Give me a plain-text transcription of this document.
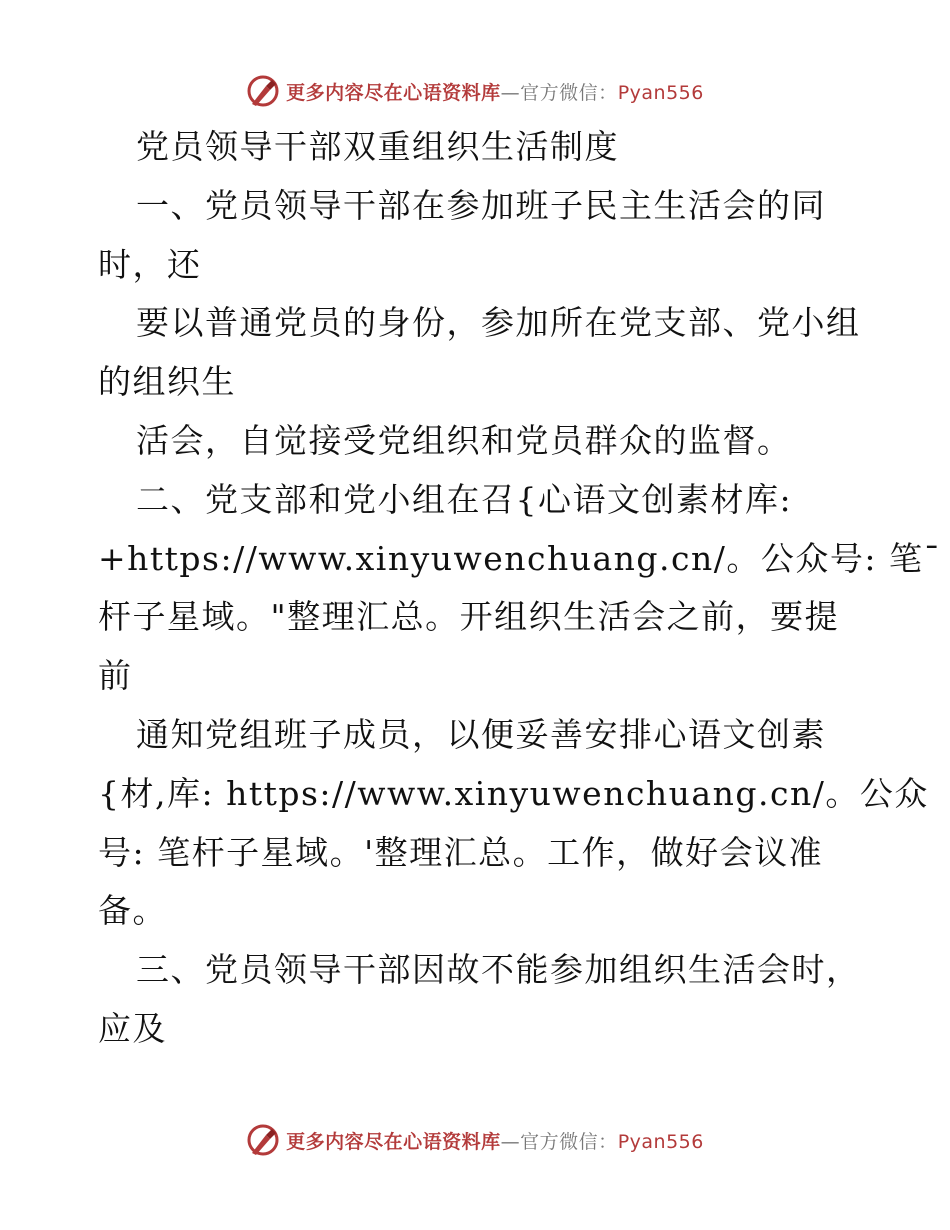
更多内容尽在心语资料库—官方微信：Pyan556
党员领导干部双重组织生活制度
一、党员领导干部在参加班子民主生活会的同
时，还
要以普通党员的身份，参加所在党支部、党小组
的组织生
活会，自觉接受党组织和党员群众的监督。
二、党支部和党小组在召{心语文创素材库:
+https://www.xinyuwenchuang.cn/。公众号: 笔¯
杆子星域。"整理汇总。开组织生活会之前，要提
前
通知党组班子成员，以便妥善安排心语文创素
{材,库: https://www.xinyuwenchuang.cn/。公众
号: 笔杆子星域。'整理汇总。工作，做好会议准
备。
三、党员领导干部因故不能参加组织生活会时，
应及
更多内容尽在心语资料库—官方微信：Pyan556
